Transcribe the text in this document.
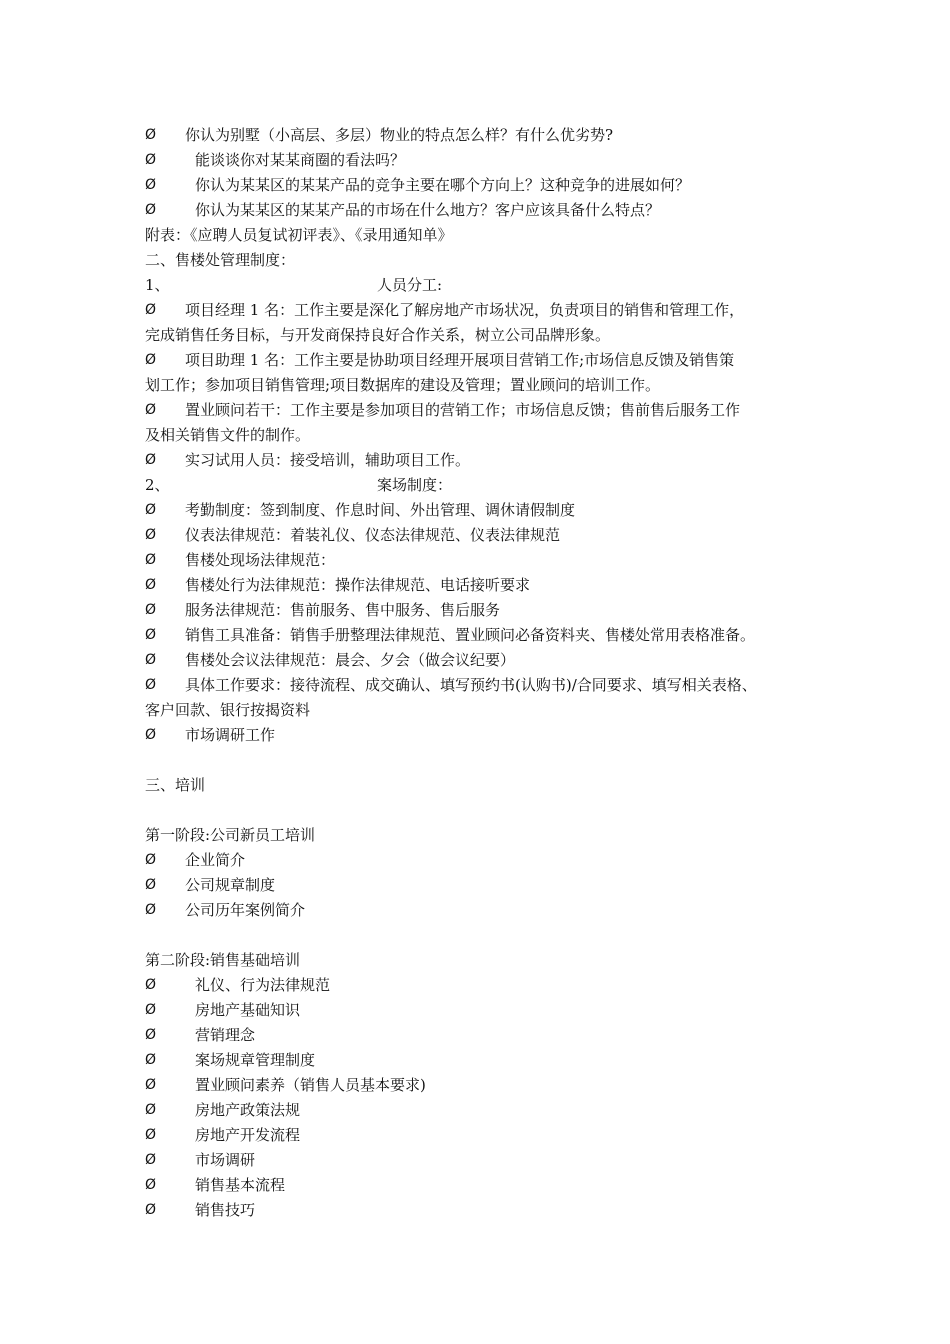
Ø	你认为别墅（小高层、多层）物业的特点怎么样？有什么优劣势?
Ø	能谈谈你对某某商圈的看法吗？
Ø	你认为某某区的某某产品的竞争主要在哪个方向上？这种竞争的进展如何？
Ø	你认为某某区的某某产品的市场在什么地方？客户应该具备什么特点？
附表：《应聘人员复试初评表》、《录用通知单》
二、售楼处管理制度：
1、	人员分工:
Ø	项目经理 1 名：工作主要是深化了解房地产市场状况，负责项目的销售和管理工作，
完成销售任务目标，与开发商保持良好合作关系，树立公司品牌形象。
Ø	项目助理 1 名：工作主要是协助项目经理开展项目营销工作;市场信息反馈及销售策
划工作；参加项目销售管理;项目数据库的建设及管理；置业顾问的培训工作。
Ø	置业顾问若干：工作主要是参加项目的营销工作；市场信息反馈；售前售后服务工作
及相关销售文件的制作。
Ø	实习试用人员：接受培训，辅助项目工作。
2、	案场制度：
Ø	考勤制度：签到制度、作息时间、外出管理、调休请假制度
Ø	仪表法律规范：着装礼仪、仪态法律规范、仪表法律规范
Ø	售楼处现场法律规范：
Ø	售楼处行为法律规范：操作法律规范、电话接听要求
Ø	服务法律规范：售前服务、售中服务、售后服务
Ø	销售工具准备：销售手册整理法律规范、置业顾问必备资料夹、售楼处常用表格准备。
Ø	售楼处会议法律规范：晨会、夕会（做会议纪要）
Ø	具体工作要求：接待流程、成交确认、填写预约书(认购书)/合同要求、填写相关表格、
客户回款、银行按揭资料
Ø	市场调研工作
三、培训
第一阶段:公司新员工培训
Ø	企业简介
Ø	公司规章制度
Ø	公司历年案例简介
第二阶段:销售基础培训
Ø	礼仪、行为法律规范
Ø	房地产基础知识
Ø	营销理念
Ø	案场规章管理制度
Ø	置业顾问素养（销售人员基本要求)
Ø	房地产政策法规
Ø	房地产开发流程
Ø	市场调研
Ø	销售基本流程
Ø	销售技巧
